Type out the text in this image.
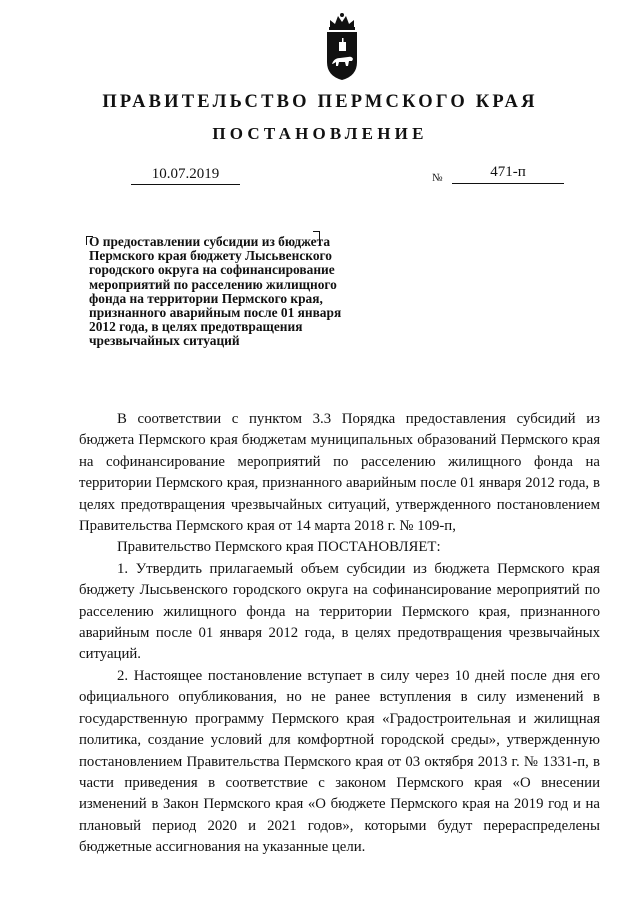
ПРАВИТЕЛЬСТВО ПЕРМСКОГО КРАЯ
ПОСТАНОВЛЕНИЕ
10.07.2019	№	471-п
О предоставлении субсидии из бюджета
Пермского края бюджету Лысьвенского
городского округа на софинансирование
мероприятий по расселению жилищного
фонда на территории Пермского края,
признанного аварийным после 01 января
2012 года, в целях предотвращения
чрезвычайных ситуаций

В соответствии с пунктом 3.3 Порядка предоставления субсидий из бюджета Пермского края бюджетам муниципальных образований Пермского края на софинансирование мероприятий по расселению жилищного фонда на территории Пермского края, признанного аварийным после 01 января 2012 года, в целях предотвращения чрезвычайных ситуаций, утвержденного постановлением Правительства Пермского края от 14 марта 2018 г. № 109-п,

Правительство Пермского края ПОСТАНОВЛЯЕТ:

1. Утвердить прилагаемый объем субсидии из бюджета Пермского края бюджету Лысьвенского городского округа на софинансирование мероприятий по расселению жилищного фонда на территории Пермского края, признанного аварийным после 01 января 2012 года, в целях предотвращения чрезвычайных ситуаций.

2. Настоящее постановление вступает в силу через 10 дней после дня его официального опубликования, но не ранее вступления в силу изменений в государственную программу Пермского края «Градостроительная и жилищная политика, создание условий для комфортной городской среды», утвержденную постановлением Правительства Пермского края от 03 октября 2013 г. № 1331-п, в части приведения в соответствие с законом Пермского края «О внесении изменений в Закон Пермского края «О бюджете Пермского края на 2019 год и на плановый период 2020 и 2021 годов», которыми будут перераспределены бюджетные ассигнования на указанные цели.
